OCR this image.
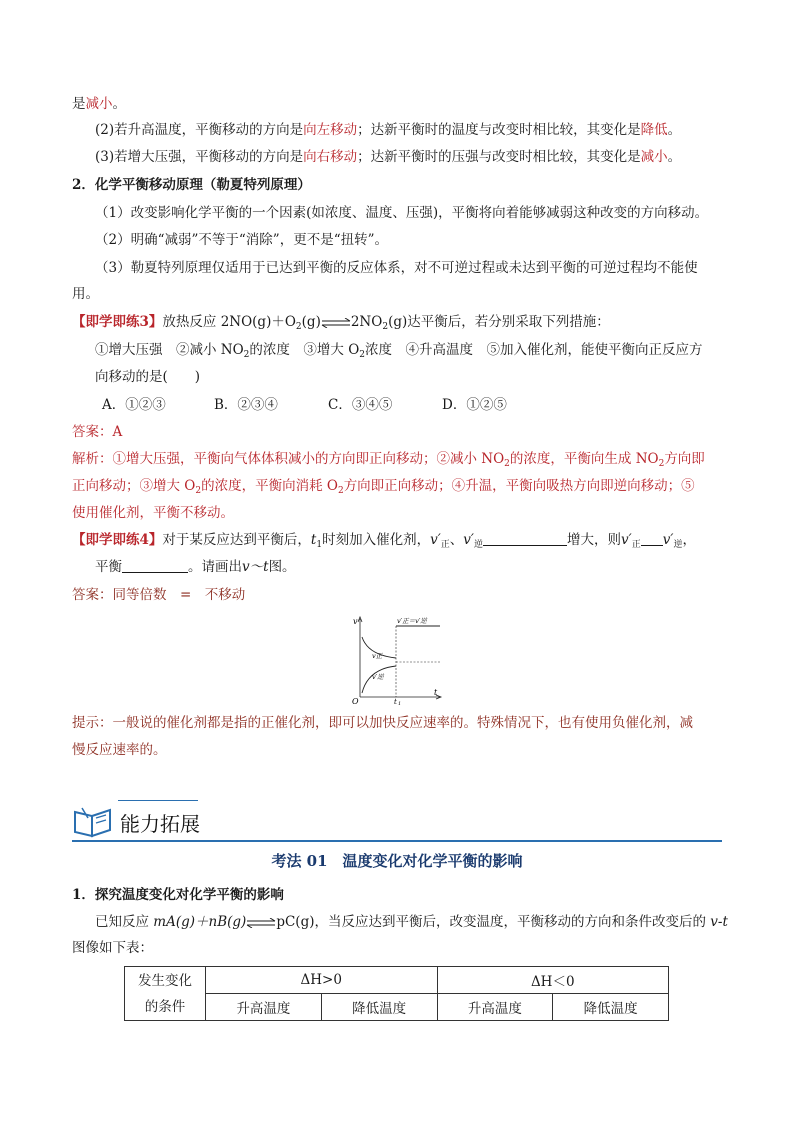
是减小。
(2)若升高温度，平衡移动的方向是向左移动；达新平衡时的温度与改变时相比较，其变化是降低。
(3)若增大压强，平衡移动的方向是向右移动；达新平衡时的压强与改变时相比较，其变化是减小。
2．化学平衡移动原理（勒夏特列原理）
（1）改变影响化学平衡的一个因素(如浓度、温度、压强)，平衡将向着能够减弱这种改变的方向移动。
（2）明确“减弱”不等于“消除”，更不是“扭转”。
（3）勒夏特列原理仅适用于已达到平衡的反应体系，对不可逆过程或未达到平衡的可逆过程均不能使
用。
【即学即练3】放热反应 $2NO(g)+O_2(g)\rightleftharpoons 2NO_2(g)$达平衡后，若分别采取下列措施：
①增大压强　②减小 $NO_2$的浓度　③增大 $O_2$浓度　④升高温度　⑤加入催化剂，能使平衡向正反应方
向移动的是(　　)
A．①②③	B．②③④	C．③④⑤	D．①②⑤
答案：A
解析：①增大压强，平衡向气体体积减小的方向即正向移动；②减小 $NO_2$的浓度，平衡向生成 $NO_2$方向即
正向移动；③增大 $O_2$的浓度，平衡向消耗 $O_2$方向即正向移动；④升温，平衡向吸热方向即逆向移动；⑤
使用催化剂，平衡不移动。
【即学即练4】对于某反应达到平衡后，$t_1$时刻加入催化剂，$v'_正$、$v'_逆$	增大，则$v'_正$ $v'_逆$，
平衡	。请画出v～t图。
答案：同等倍数　=　不移动
v
t
O	t 1
v′正＝v′逆
v正
v′逆
提示：一般说的催化剂都是指的正催化剂，即可以加快反应速率的。特殊情况下，也有使用负催化剂，减
慢反应速率的。
能力拓展
考法 01　温度变化对化学平衡的影响
1．探究温度变化对化学平衡的影响
已知反应 mA(g)＋nB(g)⇌pC(g)，当反应达到平衡后，改变温度，平衡移动的方向和条件改变后的 v-t
图像如下表：
发生变化
的条件	ΔH>0		ΔH＜0	
	升高温度	降低温度	升高温度	降低温度
